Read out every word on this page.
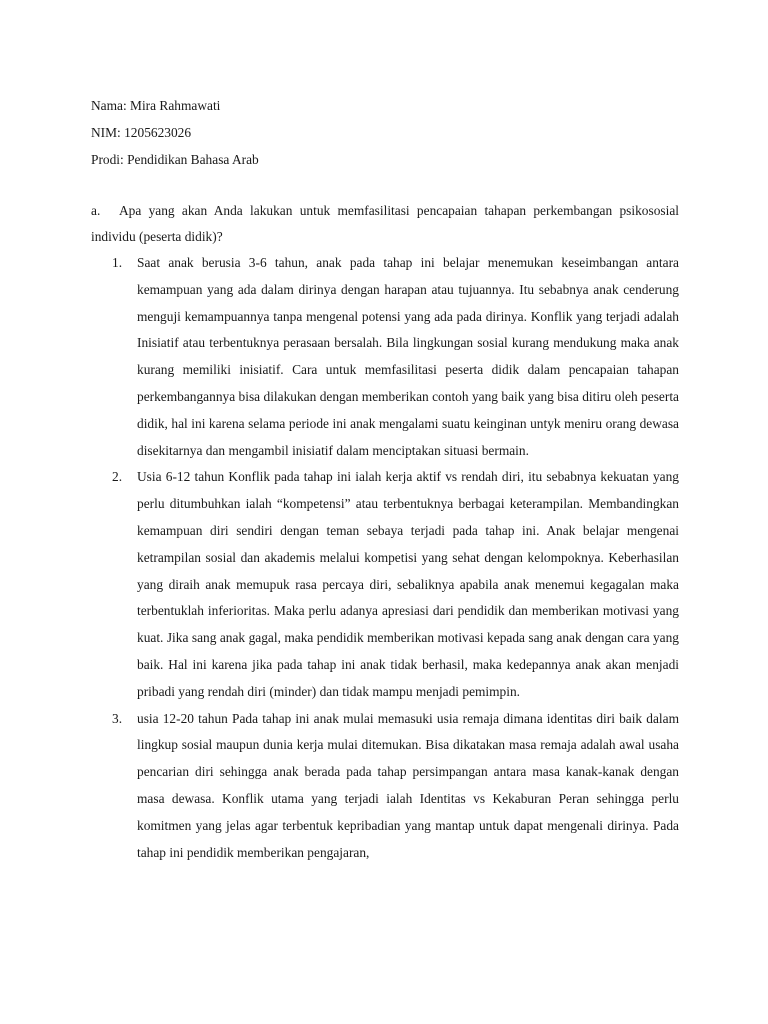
Nama: Mira Rahmawati
NIM: 1205623026
Prodi: Pendidikan Bahasa Arab
a. Apa yang akan Anda lakukan untuk memfasilitasi pencapaian tahapan perkembangan psikososial individu (peserta didik)?
1. Saat anak berusia 3-6 tahun, anak pada tahap ini belajar menemukan keseimbangan antara kemampuan yang ada dalam dirinya dengan harapan atau tujuannya. Itu sebabnya anak cenderung menguji kemampuannya tanpa mengenal potensi yang ada pada dirinya. Konflik yang terjadi adalah Inisiatif atau terbentuknya perasaan bersalah. Bila lingkungan sosial kurang mendukung maka anak kurang memiliki inisiatif. Cara untuk memfasilitasi peserta didik dalam pencapaian tahapan perkembangannya bisa dilakukan dengan memberikan contoh yang baik yang bisa ditiru oleh peserta didik, hal ini karena selama periode ini anak mengalami suatu keinginan untyk meniru orang dewasa disekitarnya dan mengambil inisiatif dalam menciptakan situasi bermain.
2. Usia 6-12 tahun Konflik pada tahap ini ialah kerja aktif vs rendah diri, itu sebabnya kekuatan yang perlu ditumbuhkan ialah “kompetensi” atau terbentuknya berbagai keterampilan. Membandingkan kemampuan diri sendiri dengan teman sebaya terjadi pada tahap ini. Anak belajar mengenai ketrampilan sosial dan akademis melalui kompetisi yang sehat dengan kelompoknya. Keberhasilan yang diraih anak memupuk rasa percaya diri, sebaliknya apabila anak menemui kegagalan maka terbentuklah inferioritas. Maka perlu adanya apresiasi dari pendidik dan memberikan motivasi yang kuat. Jika sang anak gagal, maka pendidik memberikan motivasi kepada sang anak dengan cara yang baik. Hal ini karena jika pada tahap ini anak tidak berhasil, maka kedepannya anak akan menjadi pribadi yang rendah diri (minder) dan tidak mampu menjadi pemimpin.
3. usia 12-20 tahun Pada tahap ini anak mulai memasuki usia remaja dimana identitas diri baik dalam lingkup sosial maupun dunia kerja mulai ditemukan. Bisa dikatakan masa remaja adalah awal usaha pencarian diri sehingga anak berada pada tahap persimpangan antara masa kanak-kanak dengan masa dewasa. Konflik utama yang terjadi ialah Identitas vs Kekaburan Peran sehingga perlu komitmen yang jelas agar terbentuk kepribadian yang mantap untuk dapat mengenali dirinya. Pada tahap ini pendidik memberikan pengajaran,
